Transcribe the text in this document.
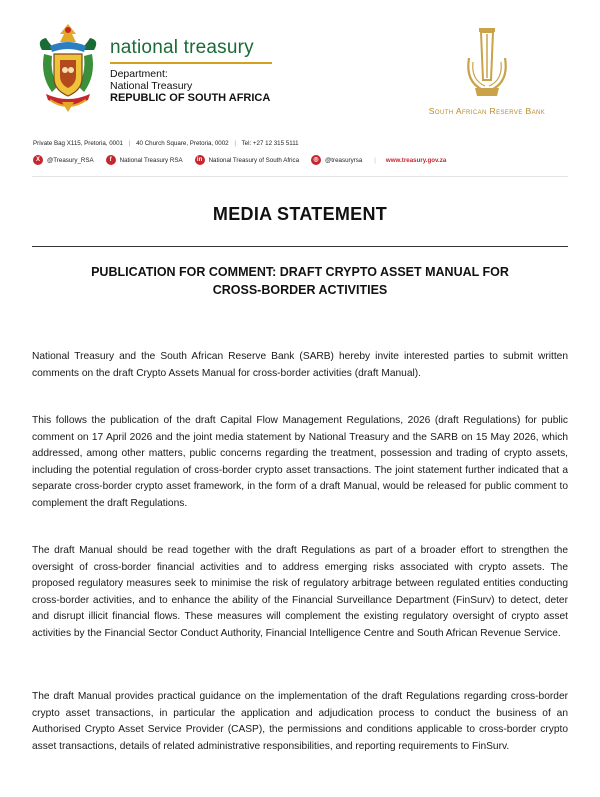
national treasury
Department:
National Treasury
REPUBLIC OF SOUTH AFRICA
South African Reserve Bank
Private Bag X115, Pretoria, 0001 | 40 Church Square, Pretoria, 0002 | Tel: +27 12 315 5111
X	@Treasury_RSA	f	National Treasury RSA	in	National Treasury of South Africa	◎	@treasuryrsa | www.treasury.gov.za
MEDIA STATEMENT
PUBLICATION FOR COMMENT: DRAFT CRYPTO ASSET MANUAL FOR
CROSS-BORDER ACTIVITIES
National Treasury and the South African Reserve Bank (SARB) hereby invite interested parties to submit written comments on the draft Crypto Assets Manual for cross-border activities (draft Manual).
This follows the publication of the draft Capital Flow Management Regulations, 2026 (draft Regulations) for public comment on 17 April 2026 and the joint media statement by National Treasury and the SARB on 15 May 2026, which addressed, among other matters, public concerns regarding the treatment, possession and trading of crypto assets, including the potential regulation of cross-border crypto asset transactions. The joint statement further indicated that a separate cross-border crypto asset framework, in the form of a draft Manual, would be released for public comment to complement the draft Regulations.
The draft Manual should be read together with the draft Regulations as part of a broader effort to strengthen the oversight of cross-border financial activities and to address emerging risks associated with crypto assets. The proposed regulatory measures seek to minimise the risk of regulatory arbitrage between regulated entities conducting cross-border activities, and to enhance the ability of the Financial Surveillance Department (FinSurv) to detect, deter and disrupt illicit financial flows. These measures will complement the existing regulatory oversight of crypto asset activities by the Financial Sector Conduct Authority, Financial Intelligence Centre and South African Revenue Service.
The draft Manual provides practical guidance on the implementation of the draft Regulations regarding cross-border crypto asset transactions, in particular the application and adjudication process to conduct the business of an Authorised Crypto Asset Service Provider (CASP), the permissions and conditions applicable to cross-border crypto asset transactions, details of related administrative responsibilities, and reporting requirements to FinSurv.
